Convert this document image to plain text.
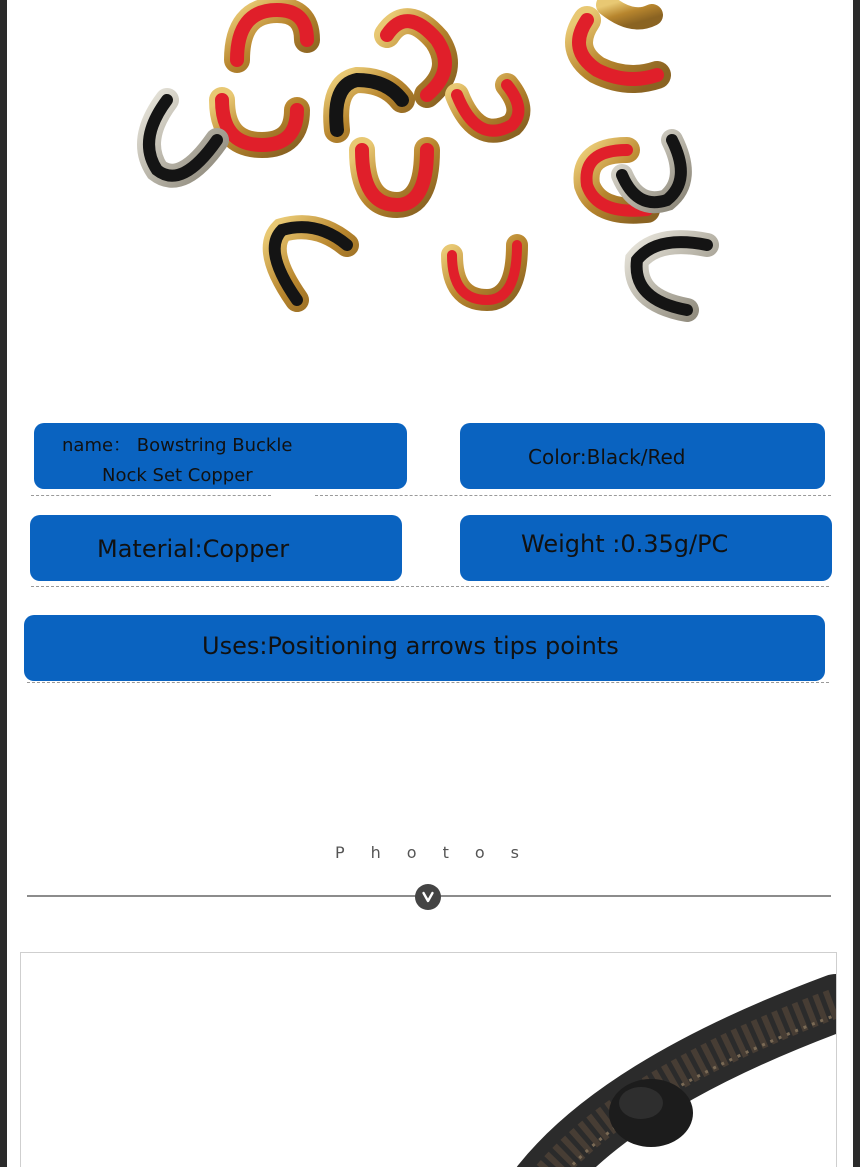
name： Bowstring Buckle
Nock Set Copper
Color:Black/Red
Material:Copper	Weight :0.35g/PC
Uses:Positioning arrows tips points
Photos
